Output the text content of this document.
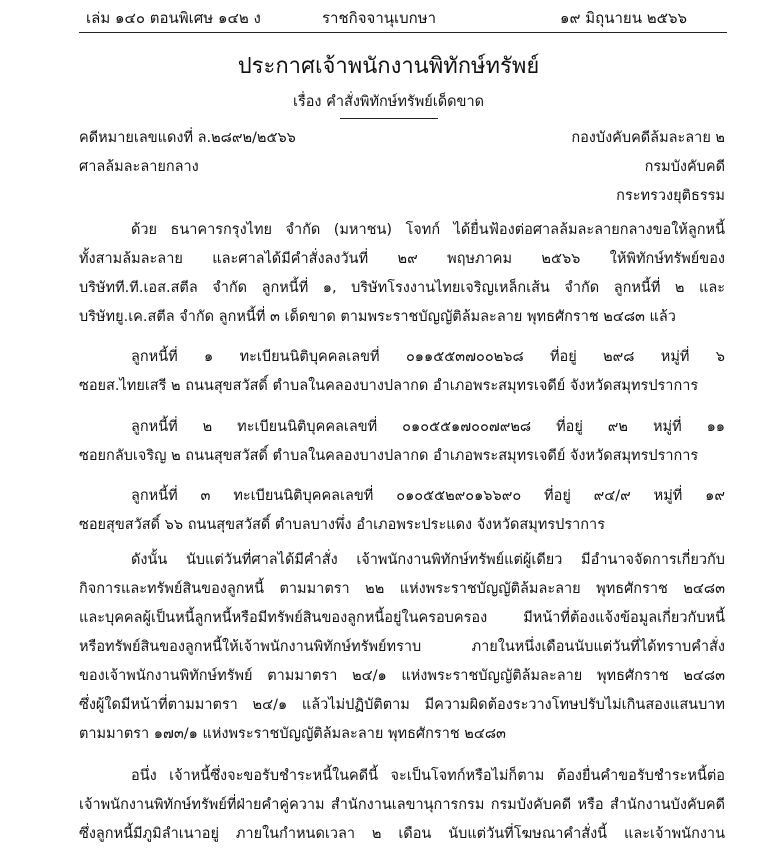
เล่ม ๑๔๐ ตอนพิเศษ ๑๔๒ ง	ราชกิจจานุเบกษา	๑๙ มิถุนายน ๒๕๖๖
ประกาศเจ้าพนักงานพิทักษ์ทรัพย์
เรื่อง คำสั่งพิทักษ์ทรัพย์เด็ดขาด
คดีหมายเลขแดงที่ ล.๒๘๙๒/๒๕๖๖	กองบังคับคดีล้มละลาย ๒
ศาลล้มละลายกลาง	กรมบังคับคดี
กระทรวงยุติธรรม
ด้วย ธนาคารกรุงไทย จำกัด (มหาชน) โจทก์ ได้ยื่นฟ้องต่อศาลล้มละลายกลางขอให้ลูกหนี้
ทั้งสามล้มละลาย และศาลได้มีคำสั่งลงวันที่ ๒๙ พฤษภาคม ๒๕๖๖ ให้พิทักษ์ทรัพย์ของ
บริษัทที.ที.เอส.สตีล จำกัด ลูกหนี้ที่ ๑, บริษัทโรงงานไทยเจริญเหล็กเส้น จำกัด ลูกหนี้ที่ ๒ และ
บริษัทยู.เค.สตีล จำกัด ลูกหนี้ที่ ๓ เด็ดขาด ตามพระราชบัญญัติล้มละลาย พุทธศักราช ๒๔๘๓ แล้ว
ลูกหนี้ที่ ๑ ทะเบียนนิติบุคคลเลขที่ ๐๑๑๕๕๓๗๐๐๒๖๘ ที่อยู่ ๒๙๘ หมู่ที่ ๖
ซอยส.ไทยเสรี ๒ ถนนสุขสวัสดิ์ ตำบลในคลองบางปลากด อำเภอพระสมุทรเจดีย์ จังหวัดสมุทรปราการ
ลูกหนี้ที่ ๒ ทะเบียนนิติบุคคลเลขที่ ๐๑๐๕๕๑๗๐๐๗๙๒๘ ที่อยู่ ๙๒ หมู่ที่ ๑๑
ซอยกลับเจริญ ๒ ถนนสุขสวัสดิ์ ตำบลในคลองบางปลากด อำเภอพระสมุทรเจดีย์ จังหวัดสมุทรปราการ
ลูกหนี้ที่ ๓ ทะเบียนนิติบุคคลเลขที่ ๐๑๐๕๕๒๙๐๑๖๖๙๐ ที่อยู่ ๙๔/๙ หมู่ที่ ๑๙
ซอยสุขสวัสดิ์ ๖๖ ถนนสุขสวัสดิ์ ตำบลบางพึ่ง อำเภอพระประแดง จังหวัดสมุทรปราการ
ดังนั้น นับแต่วันที่ศาลได้มีคำสั่ง เจ้าพนักงานพิทักษ์ทรัพย์แต่ผู้เดียว มีอำนาจจัดการเกี่ยวกับ
กิจการและทรัพย์สินของลูกหนี้ ตามมาตรา ๒๒ แห่งพระราชบัญญัติล้มละลาย พุทธศักราช ๒๔๘๓
และบุคคลผู้เป็นหนี้ลูกหนี้หรือมีทรัพย์สินของลูกหนี้อยู่ในครอบครอง มีหน้าที่ต้องแจ้งข้อมูลเกี่ยวกับหนี้
หรือทรัพย์สินของลูกหนี้ให้เจ้าพนักงานพิทักษ์ทรัพย์ทราบ ภายในหนึ่งเดือนนับแต่วันที่ได้ทราบคำสั่ง
ของเจ้าพนักงานพิทักษ์ทรัพย์ ตามมาตรา ๒๔/๑ แห่งพระราชบัญญัติล้มละลาย พุทธศักราช ๒๔๘๓
ซึ่งผู้ใดมีหน้าที่ตามมาตรา ๒๔/๑ แล้วไม่ปฏิบัติตาม มีความผิดต้องระวางโทษปรับไม่เกินสองแสนบาท
ตามมาตรา ๑๗๓/๑ แห่งพระราชบัญญัติล้มละลาย พุทธศักราช ๒๔๘๓
อนึ่ง เจ้าหนี้ซึ่งจะขอรับชำระหนี้ในคดีนี้ จะเป็นโจทก์หรือไม่ก็ตาม ต้องยื่นคำขอรับชำระหนี้ต่อ
เจ้าพนักงานพิทักษ์ทรัพย์ที่ฝ่ายคำคู่ความ สำนักงานเลขานุการกรม กรมบังคับคดี หรือ สำนักงานบังคับคดี
ซึ่งลูกหนี้มีภูมิลำเนาอยู่ ภายในกำหนดเวลา ๒ เดือน นับแต่วันที่โฆษณาคำสั่งนี้ และเจ้าพนักงาน
